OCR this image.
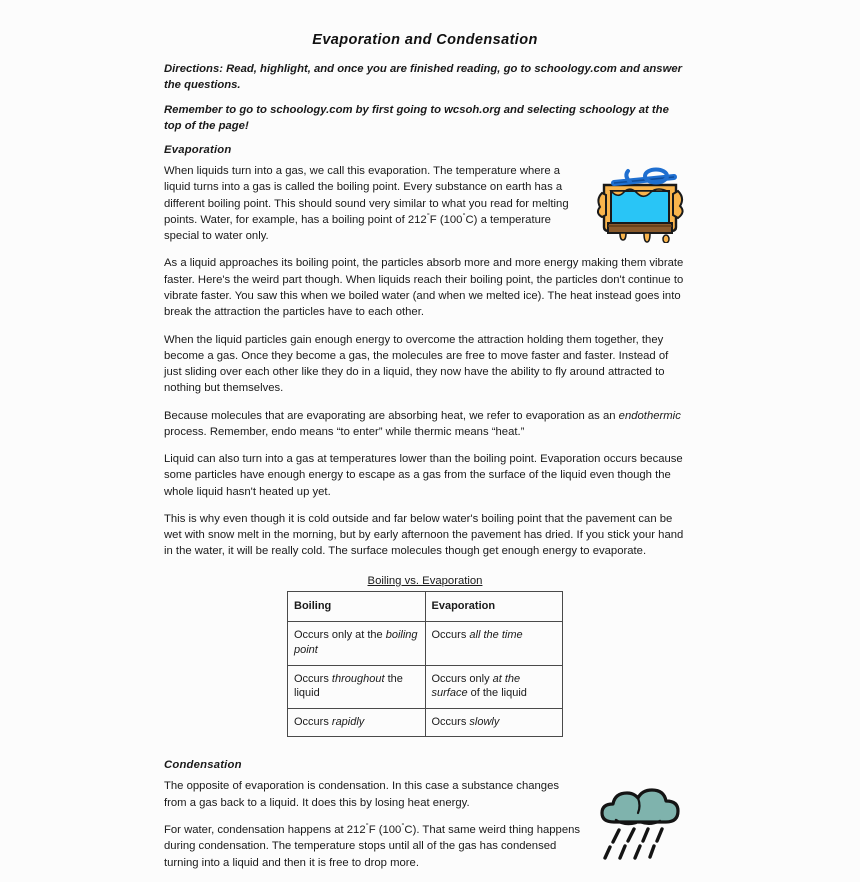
Evaporation and Condensation
Directions: Read, highlight, and once you are finished reading, go to schoology.com and answer the questions.
Remember to go to schoology.com by first going to wcsoh.org and selecting schoology at the top of the page!
Evaporation

When liquids turn into a gas, we call this evaporation. The temperature where a liquid turns into a gas is called the boiling point. Every substance on earth has a different boiling point. This should sound very similar to what you read for melting points. Water, for example, has a boiling point of 212°F (100°C) a temperature special to water only.

As a liquid approaches its boiling point, the particles absorb more and more energy making them vibrate faster. Here's the weird part though. When liquids reach their boiling point, the particles don't continue to vibrate faster. You saw this when we boiled water (and when we melted ice). The heat instead goes into break the attraction the particles have to each other.

When the liquid particles gain enough energy to overcome the attraction holding them together, they become a gas. Once they become a gas, the molecules are free to move faster and faster. Instead of just sliding over each other like they do in a liquid, they now have the ability to fly around attracted to nothing but themselves.

Because molecules that are evaporating are absorbing heat, we refer to evaporation as an endothermic process. Remember, endo means “to enter” while thermic means “heat.”

Liquid can also turn into a gas at temperatures lower than the boiling point. Evaporation occurs because some particles have enough energy to escape as a gas from the surface of the liquid even though the whole liquid hasn't heated up yet.

This is why even though it is cold outside and far below water's boiling point that the pavement can be wet with snow melt in the morning, but by early afternoon the pavement has dried. If you stick your hand in the water, it will be really cold. The surface molecules though get enough energy to evaporate.

Boiling vs. Evaporation
Boiling	Evaporation
Occurs only at the boiling point	Occurs all the time
Occurs throughout the liquid	Occurs only at the surface of the liquid
Occurs rapidly	Occurs slowly
Condensation

The opposite of evaporation is condensation. In this case a substance changes from a gas back to a liquid. It does this by losing heat energy.

For water, condensation happens at 212°F (100°C). That same weird thing happens during condensation. The temperature stops until all of the gas has condensed turning into a liquid and then it is free to drop more.
